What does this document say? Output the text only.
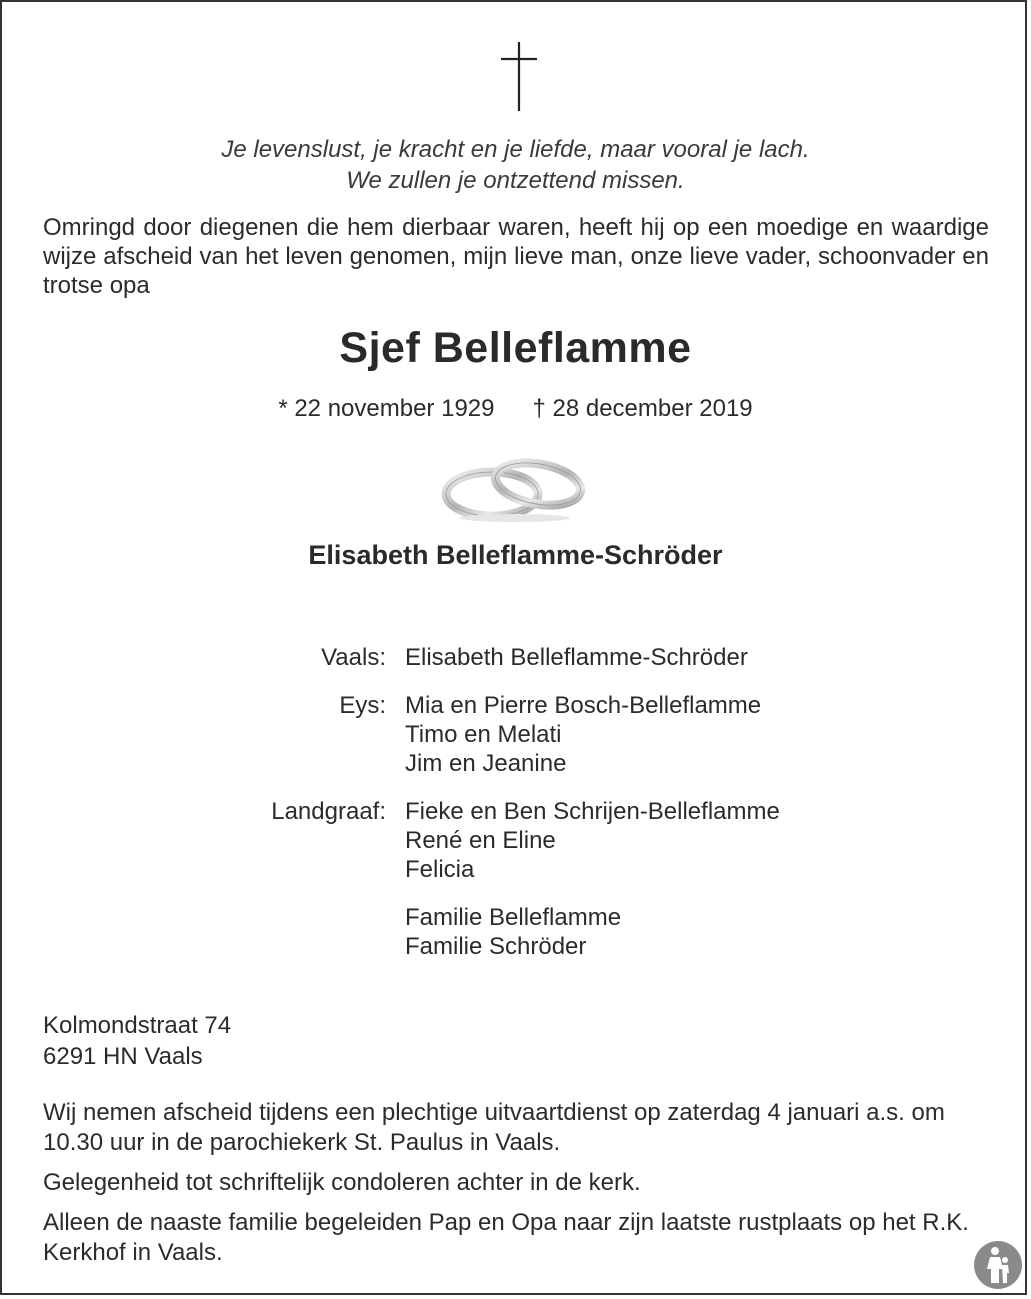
Je levenslust, je kracht en je liefde, maar vooral je lach.
We zullen je ontzettend missen.
Omringd door diegenen die hem dierbaar waren, heeft hij op een moedige en waardige wijze afscheid van het leven genomen, mijn lieve man, onze lieve vader, schoonvader en trotse opa
Sjef Belleflamme
* 22 november 1929 † 28 december 2019
Elisabeth Belleflamme-Schröder
Vaals: Elisabeth Belleflamme-Schröder
Eys: Mia en Pierre Bosch-Belleflamme
Timo en Melati
Jim en Jeanine
Landgraaf: Fieke en Ben Schrijen-Belleflamme
René en Eline
Felicia
Familie Belleflamme
Familie Schröder
Kolmondstraat 74
6291 HN Vaals

Wij nemen afscheid tijdens een plechtige uitvaartdienst op zaterdag 4 januari a.s. om 10.30 uur in de parochiekerk St. Paulus in Vaals.

Gelegenheid tot schriftelijk condoleren achter in de kerk.

Alleen de naaste familie begeleiden Pap en Opa naar zijn laatste rustplaats op het R.K. Kerkhof in Vaals.
